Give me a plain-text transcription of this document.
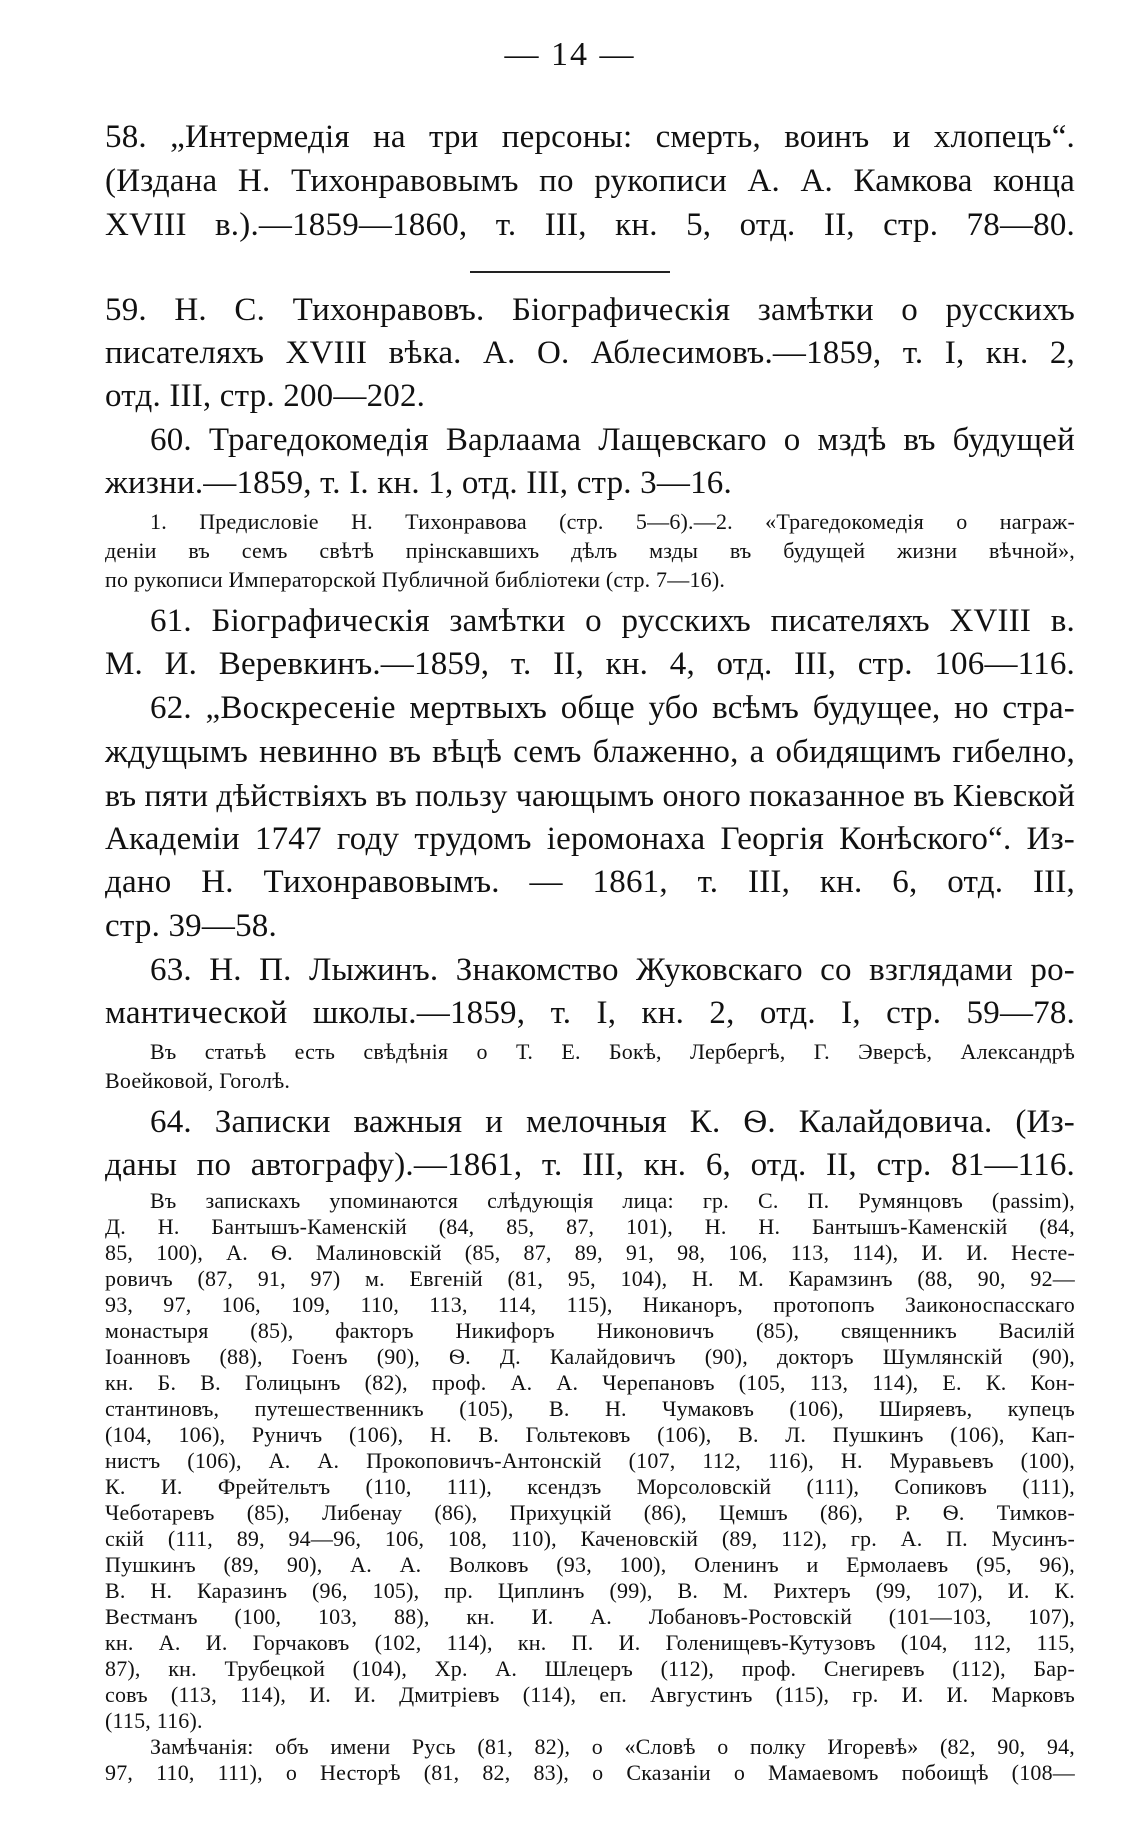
— 14 —
58. „Интермедія на три персоны: смерть, воинъ и хлопецъ“.
(Издана Н. Тихонравовымъ по рукописи А. А. Камкова конца
XVIII в.).—1859—1860, т. III, кн. 5, отд. II, стр. 78—80.
59. Н. С. Тихонравовъ. Біографическія замѣтки о русскихъ
писателяхъ XVIII вѣка. А. О. Аблесимовъ.—1859, т. I, кн. 2,
отд. III, стр. 200—202.
60. Трагедокомедія Варлаама Лащевскаго о мздѣ въ будущей
жизни.—1859, т. I. кн. 1, отд. III, стр. 3—16.
1. Предисловіе Н. Тихонравова (стр. 5—6).—2. «Трагедокомедія о награж-
деніи въ семъ свѣтѣ прінскавшихъ дѣлъ мзды въ будущей жизни вѣчной»,
по рукописи Императорской Публичной библіотеки (стр. 7—16).
61. Біографическія замѣтки о русскихъ писателяхъ XVIII в.
М. И. Веревкинъ.—1859, т. II, кн. 4, отд. III, стр. 106—116.
62. „Воскресеніе мертвыхъ обще убо всѣмъ будущее, но стра-
ждущымъ невинно въ вѣцѣ семъ блаженно, а обидящимъ гибелно,
въ пяти дѣйствіяхъ въ пользу чающымъ оного показанное въ Кіевской
Академіи 1747 году трудомъ іеромонаха Георгія Конѣского“. Из-
дано Н. Тихонравовымъ. — 1861, т. III, кн. 6, отд. III,
стр. 39—58.
63. Н. П. Лыжинъ. Знакомство Жуковскаго со взглядами ро-
мантической школы.—1859, т. I, кн. 2, отд. I, стр. 59—78.
Въ статьѣ есть свѣдѣнія о Т. Е. Бокѣ, Лербергѣ, Г. Эверсѣ, Александрѣ
Воейковой, Гоголѣ.
64. Записки важныя и мелочныя К. Ѳ. Калайдовича. (Из-
даны по автографу).—1861, т. III, кн. 6, отд. II, стр. 81—116.
Въ запискахъ упоминаются слѣдующія лица: гр. С. П. Румянцовъ (passim),
Д. Н. Бантышъ-Каменскій (84, 85, 87, 101), Н. Н. Бантышъ-Каменскій (84,
85, 100), А. Ѳ. Малиновскій (85, 87, 89, 91, 98, 106, 113, 114), И. И. Несте-
ровичъ (87, 91, 97) м. Евгеній (81, 95, 104), Н. М. Карамзинъ (88, 90, 92—
93, 97, 106, 109, 110, 113, 114, 115), Никаноръ, протопопъ Заиконоспасскаго
монастыря (85), факторъ Никифоръ Никоновичъ (85), священникъ Василій
Іоанновъ (88), Гоенъ (90), Ѳ. Д. Калайдовичъ (90), докторъ Шумлянскій (90),
кн. Б. В. Голицынъ (82), проф. А. А. Черепановъ (105, 113, 114), Е. К. Кон-
стантиновъ, путешественникъ (105), В. Н. Чумаковъ (106), Ширяевъ, купецъ
(104, 106), Руничъ (106), Н. В. Гольтековъ (106), В. Л. Пушкинъ (106), Кап-
нистъ (106), А. А. Прокоповичъ-Антонскій (107, 112, 116), Н. Муравьевъ (100),
К. И. Фрейтельтъ (110, 111), ксендзъ Морсоловскій (111), Сопиковъ (111),
Чеботаревъ (85), Либенау (86), Прихуцкій (86), Цемшъ (86), Р. Ѳ. Тимков-
скій (111, 89, 94—96, 106, 108, 110), Каченовскій (89, 112), гр. А. П. Мусинъ-
Пушкинъ (89, 90), А. А. Волковъ (93, 100), Оленинъ и Ермолаевъ (95, 96),
В. Н. Каразинъ (96, 105), пр. Циплинъ (99), В. М. Рихтеръ (99, 107), И. К.
Вестманъ (100, 103, 88), кн. И. А. Лобановъ-Ростовскій (101—103, 107),
кн. А. И. Горчаковъ (102, 114), кн. П. И. Голенищевъ-Кутузовъ (104, 112, 115,
87), кн. Трубецкой (104), Хр. А. Шлецеръ (112), проф. Снегиревъ (112), Бар-
совъ (113, 114), И. И. Дмитріевъ (114), еп. Августинъ (115), гр. И. И. Марковъ
(115, 116).
Замѣчанія: объ имени Русь (81, 82), о «Словѣ о полку Игоревѣ» (82, 90, 94,
97, 110, 111), о Несторѣ (81, 82, 83), о Сказаніи о Мамаевомъ побоищѣ (108—
